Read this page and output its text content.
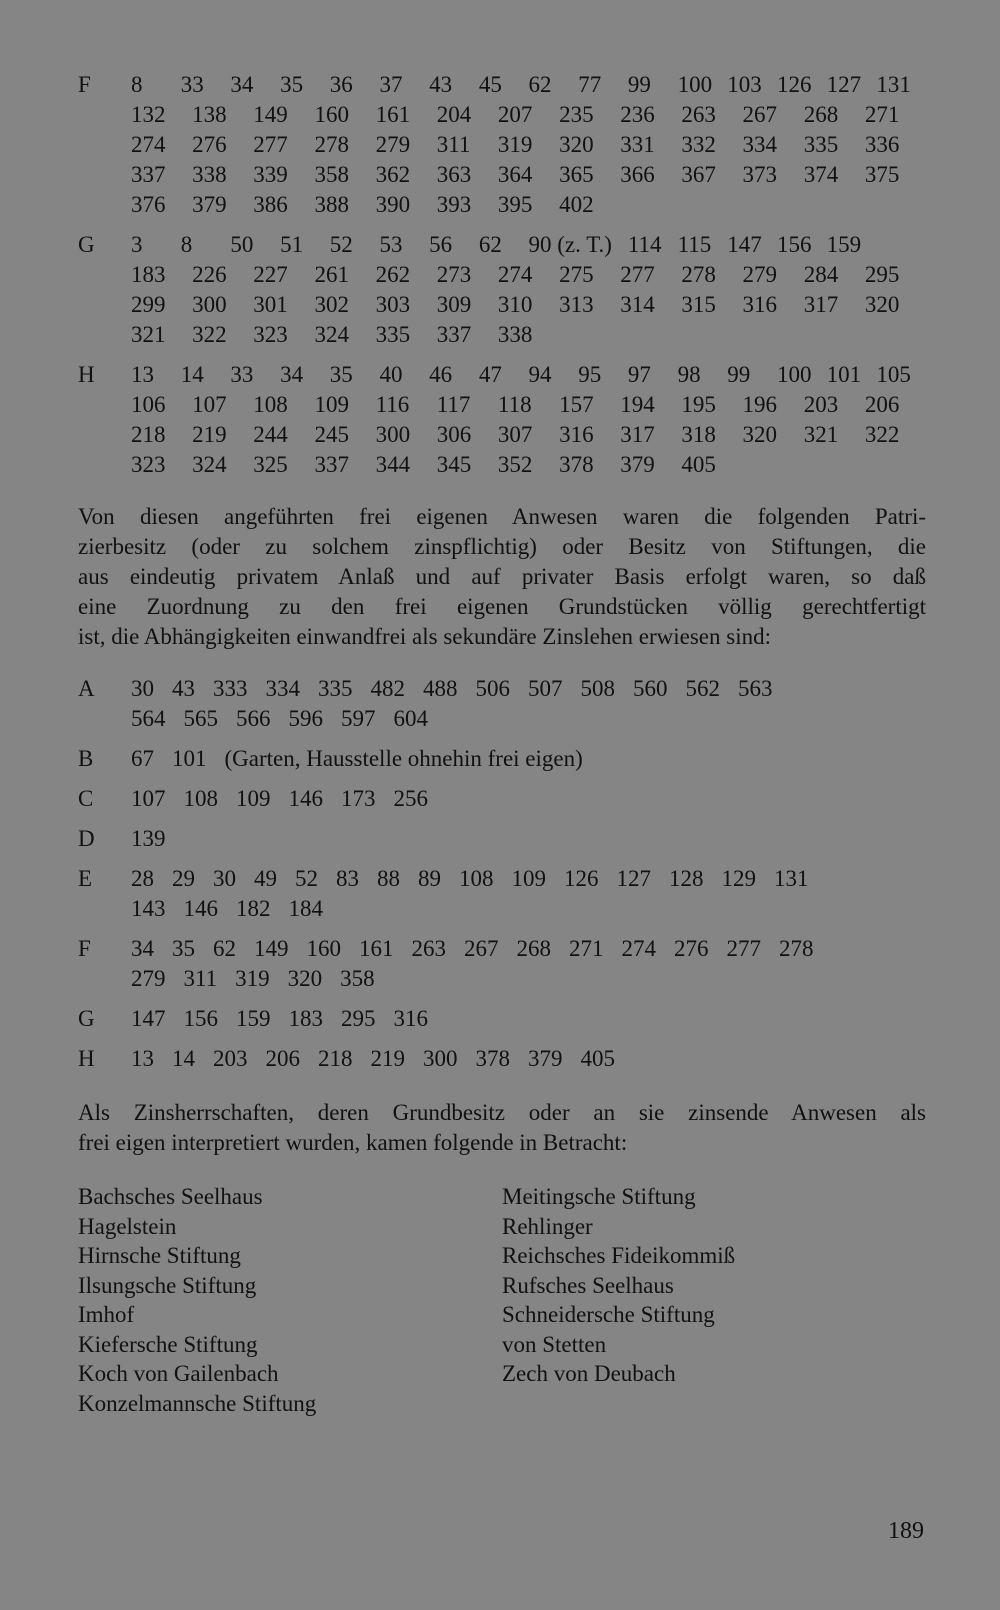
F	8	33	34	35	36	37	43	45	62	77	99	100 103 126 127 131
132	138	149	160	161	204	207	235	236	263	267	268	271
274	276	277	278	279	311	319	320	331	332	334	335	336
337	338	339	358	362	363	364	365	366	367	373	374	375
376	379	386	388	390	393	395	402
G	3	8	50	51	52	53	56	62	90 (z. T.) 114 115 147 156 159
183	226	227	261	262	273	274	275	277	278	279	284	295
299	300	301	302	303	309	310	313	314	315	316	317	320
321	322	323	324	335	337	338
H	13	14	33	34	35	40	46	47	94	95	97	98	99	100 101 105
106	107	108	109	116	117	118	157	194	195	196	203	206
218	219	244	245	300	306	307	316	317	318	320	321	322
323	324	325	337	344	345	352	378	379	405
Von diesen angeführten frei eigenen Anwesen waren die folgenden Patri-
zierbesitz (oder zu solchem zinspflichtig) oder Besitz von Stiftungen, die
aus eindeutig privatem Anlaß und auf privater Basis erfolgt waren, so daß
eine Zuordnung zu den frei eigenen Grundstücken völlig gerechtfertigt
ist, die Abhängigkeiten einwandfrei als sekundäre Zinslehen erwiesen sind:
A	30 43 333 334 335 482 488 506 507 508 560 562 563
564 565 566 596 597 604
B	67 101 (Garten, Hausstelle ohnehin frei eigen)
C	107 108 109 146 173 256
D	139
E	28 29 30 49 52 83 88 89 108 109 126 127 128 129 131
143 146 182 184
F	34 35 62 149 160 161 263 267 268 271 274 276 277 278
279 311 319 320 358
G	147 156 159 183 295 316
H	13 14 203 206 218 219 300 378 379 405
Als Zinsherrschaften, deren Grundbesitz oder an sie zinsende Anwesen als
frei eigen interpretiert wurden, kamen folgende in Betracht:
Bachsches Seelhaus
Hagelstein
Hirnsche Stiftung
Ilsungsche Stiftung
Imhof
Kiefersche Stiftung
Koch von Gailenbach
Konzelmannsche Stiftung
Meitingsche Stiftung
Rehlinger
Reichsches Fideikommiß
Rufsches Seelhaus
Schneidersche Stiftung
von Stetten
Zech von Deubach
189
